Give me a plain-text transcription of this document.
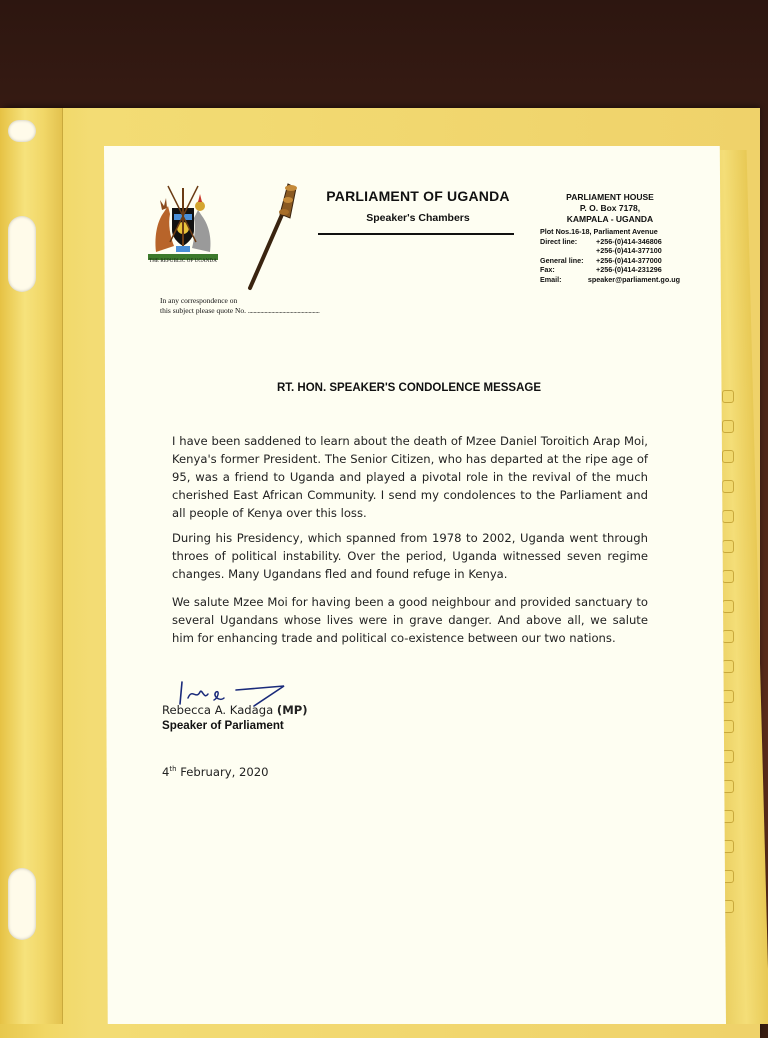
THE REPUBLIC OF UGANDA
PARLIAMENT OF UGANDA
Speaker's Chambers
PARLIAMENT HOUSE
P. O. Box 7178,
KAMPALA - UGANDA
Plot Nos.16-18, Parliament Avenue
Direct line:	+256-(0)414-346806
+256-(0)414-377100
General line:	+256-(0)414-377000
Fax:	+256-(0)414-231296
Email:	speaker@parliament.go.ug
In any correspondence on
this subject please quote No. ....................................................
RT. HON. SPEAKER'S CONDOLENCE MESSAGE
I have been saddened to learn about the death of Mzee Daniel Toroitich Arap Moi, Kenya's former President. The Senior Citizen, who has departed at the ripe age of 95, was a friend to Uganda and played a pivotal role in the revival of the much cherished East African Community. I send my condolences to the Parliament and all people of Kenya over this loss.
During his Presidency, which spanned from 1978 to 2002, Uganda went through throes of political instability. Over the period, Uganda witnessed seven regime changes. Many Ugandans fled and found refuge in Kenya.
We salute Mzee Moi for having been a good neighbour and provided sanctuary to several Ugandans whose lives were in grave danger. And above all, we salute him for enhancing trade and political co-existence between our two nations.
Rebecca A. Kadaga (MP)
Speaker of Parliament
4th February, 2020
